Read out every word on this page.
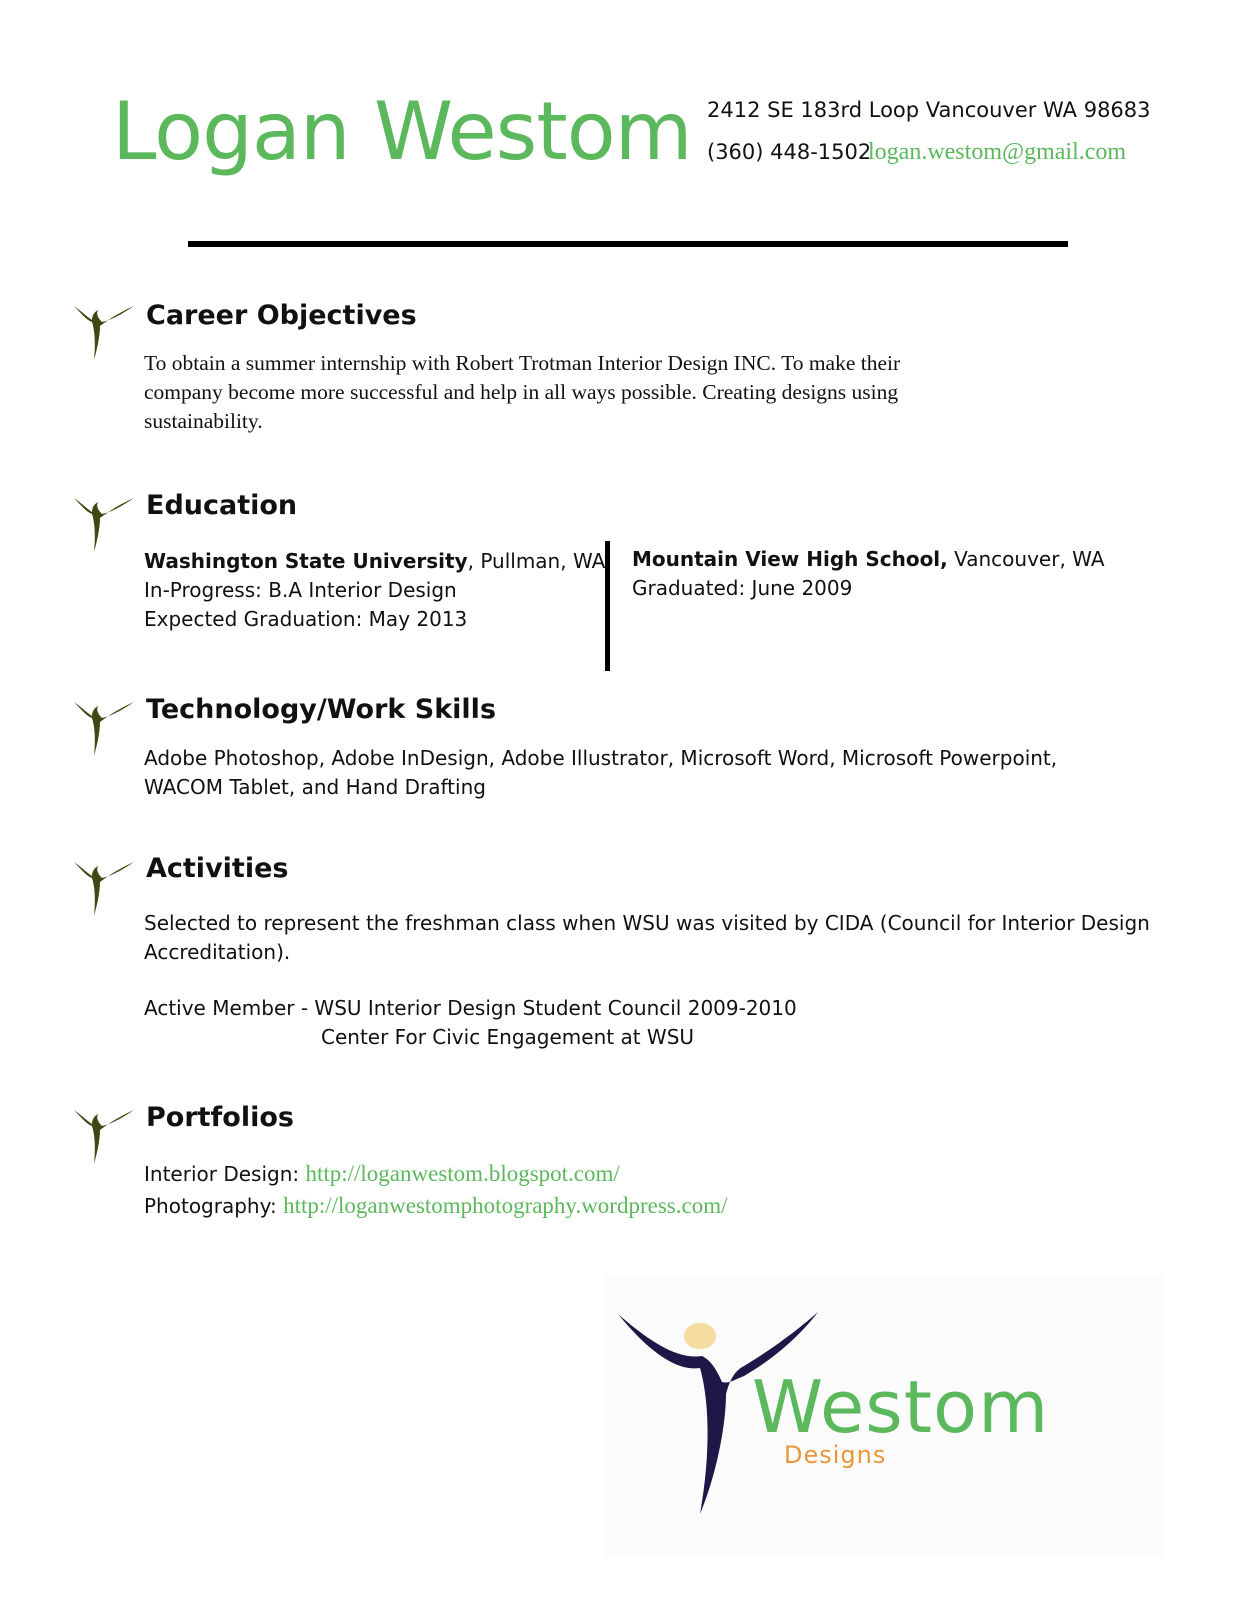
Logan Westom 2412 SE 183rd Loop Vancouver WA 98683
(360) 448-1502
logan.westom@gmail.com
Career Objectives
To obtain a summer internship with Robert Trotman Interior Design INC. To make their
company become more successful and help in all ways possible. Creating designs using
sustainability.
Education
Washington State University, Pullman, WA
In-Progress: B.A Interior Design
Expected Graduation: May 2013
Mountain View High School, Vancouver, WA
Graduated: June 2009
Technology/Work Skills
Adobe Photoshop, Adobe InDesign, Adobe Illustrator, Microsoft Word, Microsoft Powerpoint,
WACOM Tablet, and Hand Drafting
Activities
Selected to represent the freshman class when WSU was visited by CIDA (Council for Interior Design
Accreditation).
Active Member - WSU Interior Design Student Council 2009-2010
Center For Civic Engagement at WSU
Portfolios
Interior Design: http://loganwestom.blogspot.com/
Photography: http://loganwestomphotography.wordpress.com/
Westom
Designs
